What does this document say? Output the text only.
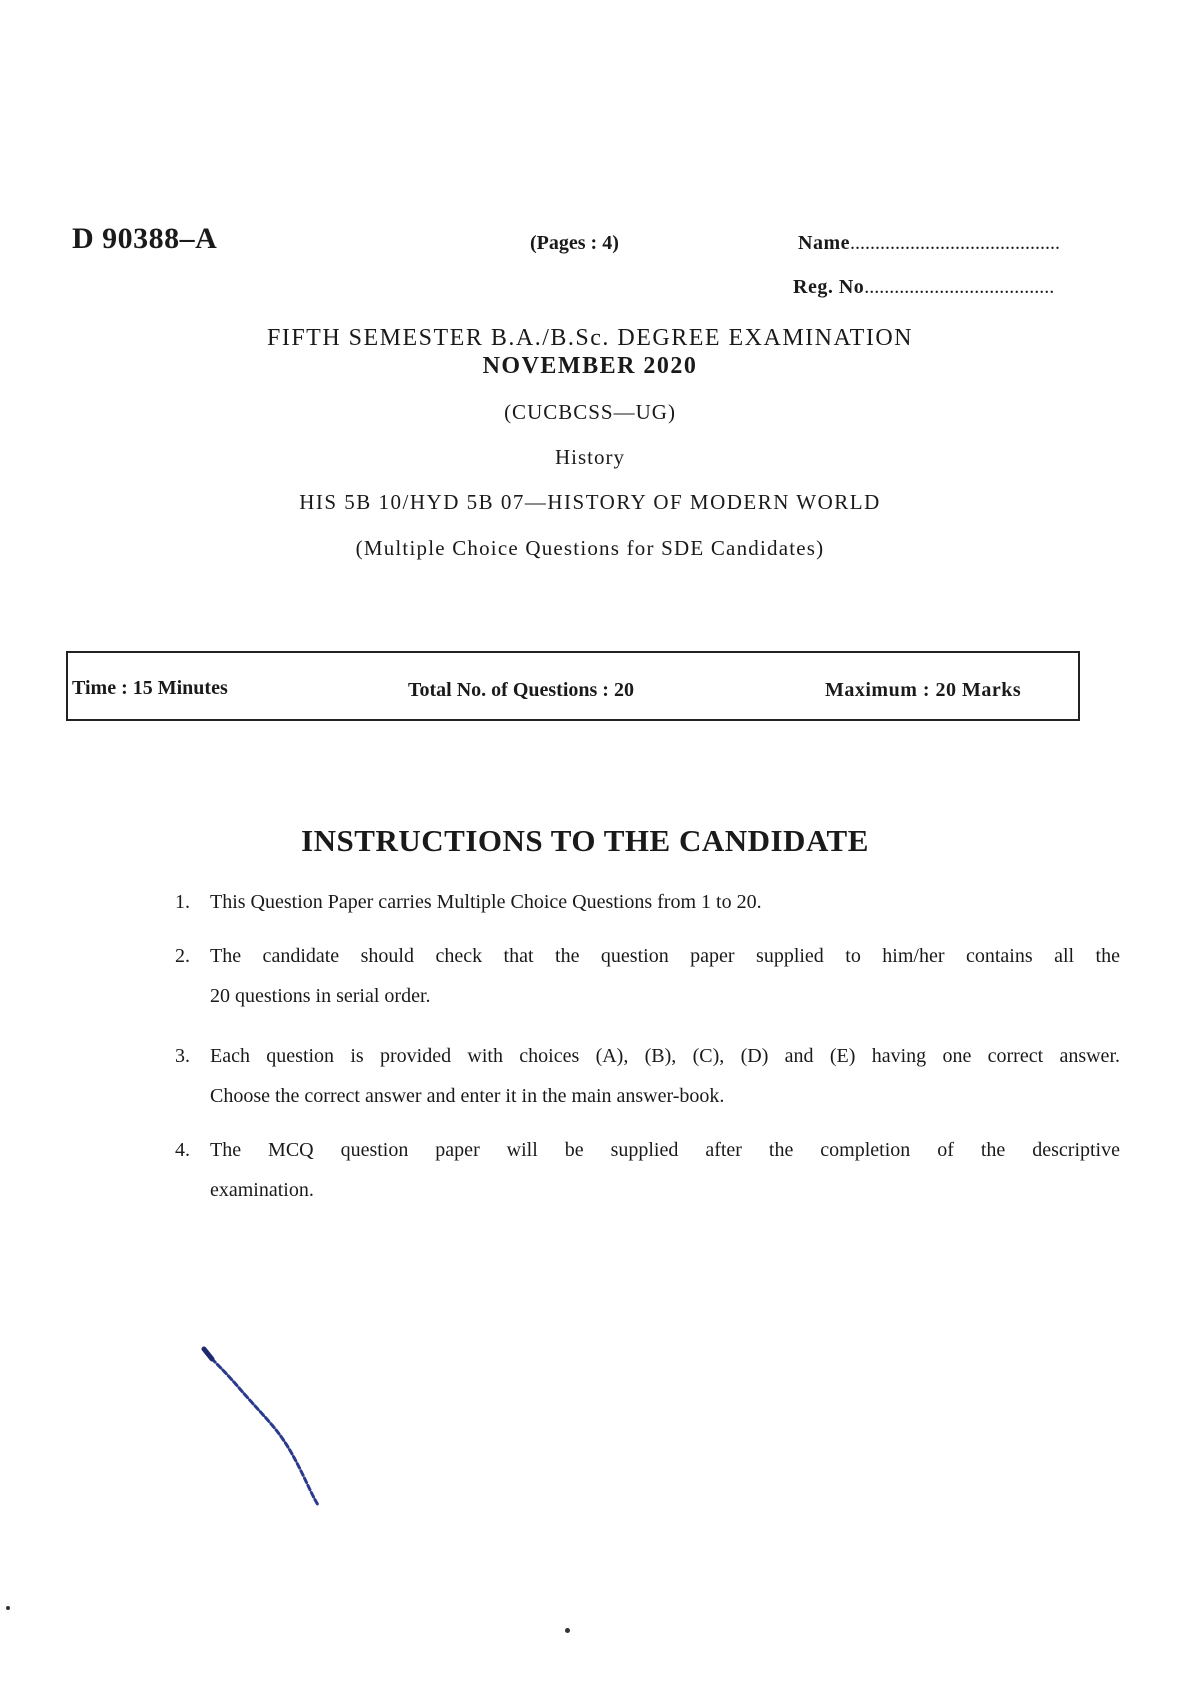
D 90388–A	(Pages : 4)	Name..........................................
Reg. No......................................
FIFTH SEMESTER B.A./B.Sc. DEGREE EXAMINATION
NOVEMBER 2020
(CUCBCSS—UG)
History
HIS 5B 10/HYD 5B 07—HISTORY OF MODERN WORLD
(Multiple Choice Questions for SDE Candidates)
Time : 15 Minutes	Total No. of Questions : 20	Maximum : 20 Marks
INSTRUCTIONS TO THE CANDIDATE
1. This Question Paper carries Multiple Choice Questions from 1 to 20.
2. The candidate should check that the question paper supplied to him/her contains all the
20 questions in serial order.
3. Each question is provided with choices (A), (B), (C), (D) and (E) having one correct answer.
Choose the correct answer and enter it in the main answer-book.
4. The MCQ question paper will be supplied after the completion of the descriptive
examination.
